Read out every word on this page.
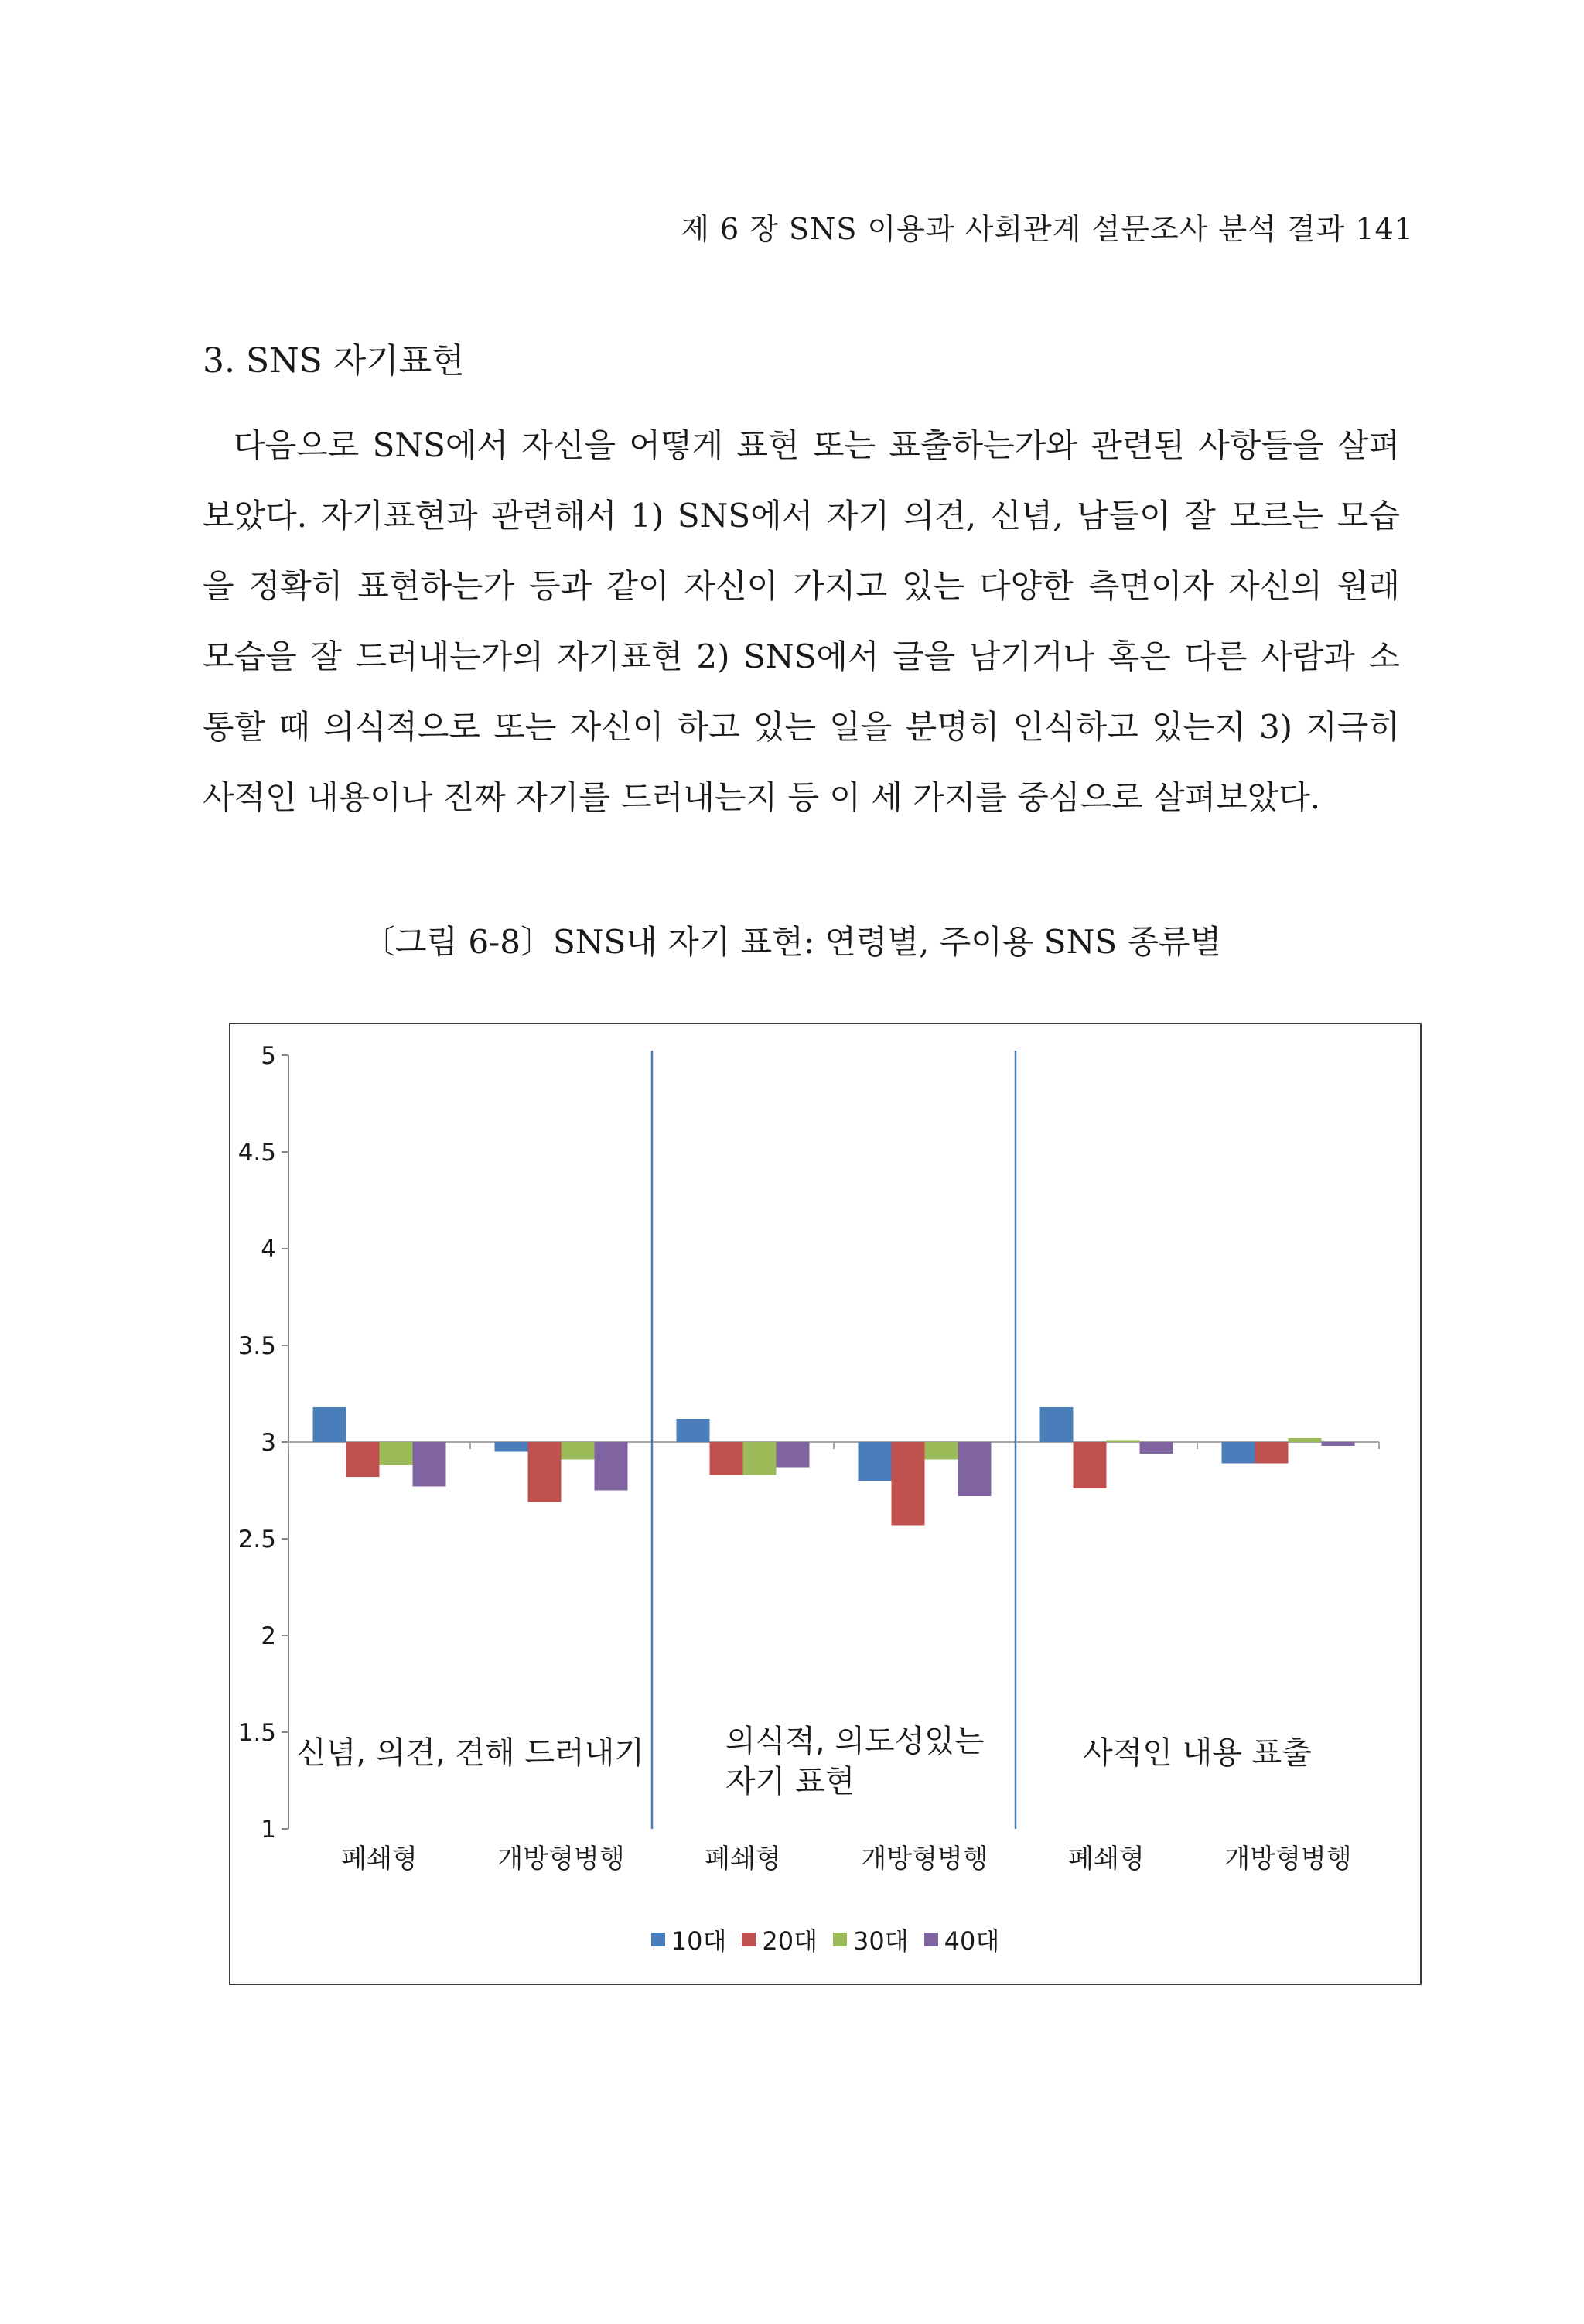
제 6 장 SNS 이용과 사회관계 설문조사 분석 결과 141
3. SNS 자기표현
다음으로 SNS에서 자신을 어떻게 표현 또는 표출하는가와 관련된 사항들을 살펴
보았다. 자기표현과 관련해서 1) SNS에서 자기 의견, 신념, 남들이 잘 모르는 모습
을 정확히 표현하는가 등과 같이 자신이 가지고 있는 다양한 측면이자 자신의 원래
모습을 잘 드러내는가의 자기표현 2) SNS에서 글을 남기거나 혹은 다른 사람과 소
통할 때 의식적으로 또는 자신이 하고 있는 일을 분명히 인식하고 있는지 3) 지극히
사적인 내용이나 진짜 자기를 드러내는지 등 이 세 가지를 중심으로 살펴보았다.
〔그림 6-8〕SNS내 자기 표현: 연령별, 주이용 SNS 종류별
1
1.5
2
2.5
3
3.5
4
4.5
5
폐쇄형	개방형병행	폐쇄형	개방형병행	폐쇄형	개방형병행
신념, 의견, 견해 드러내기	의식적, 의도성있는
자기 표현
사적인 내용 표출
10대 20대 30대 40대
